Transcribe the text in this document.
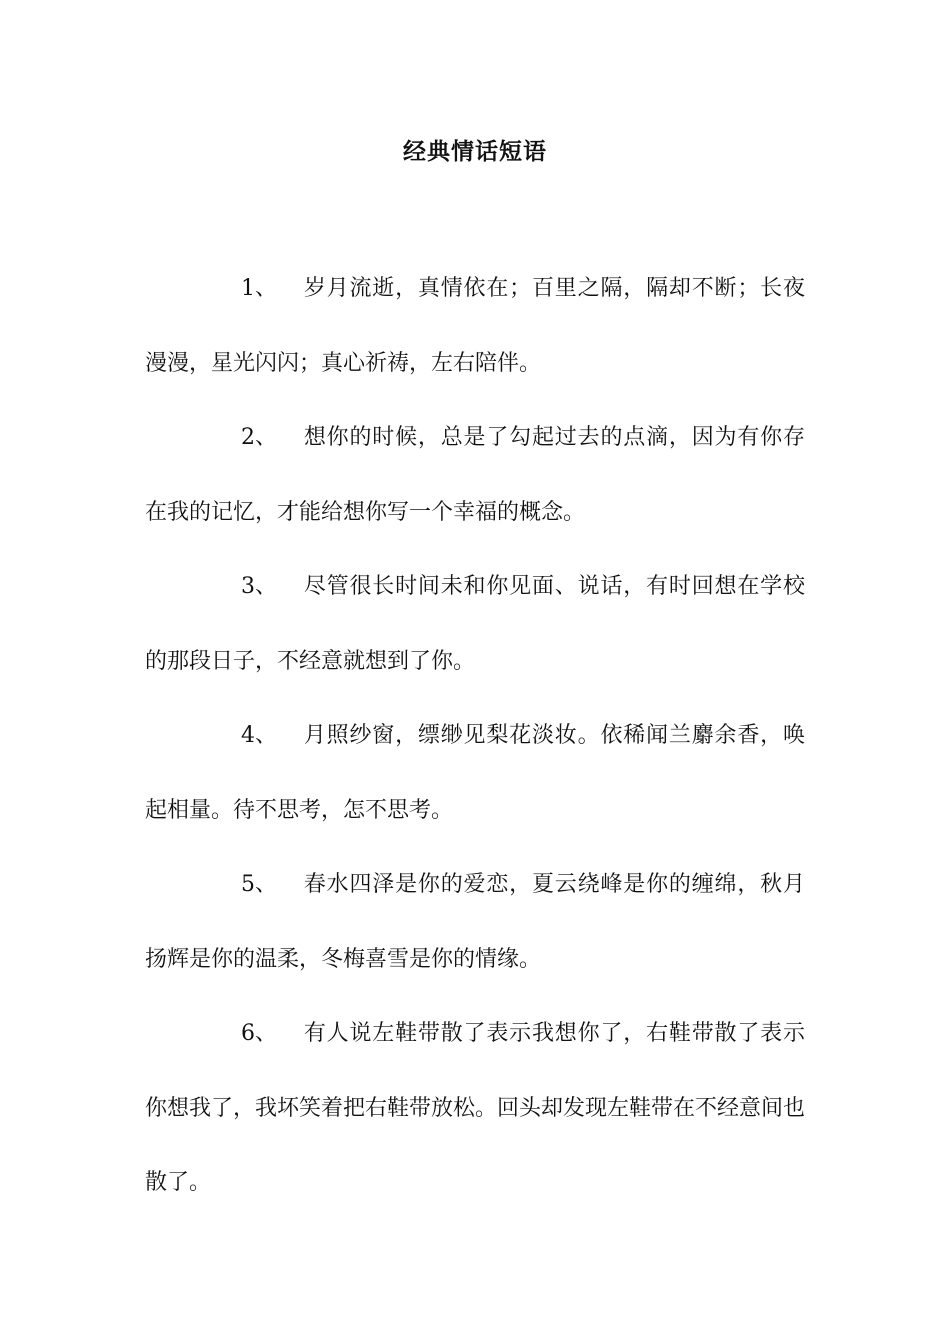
经典情话短语

1、 岁月流逝，真情依在；百里之隔，隔却不断；长夜漫漫，星光闪闪；真心祈祷，左右陪伴。

2、 想你的时候，总是了勾起过去的点滴，因为有你存在我的记忆，才能给想你写一个幸福的概念。

3、 尽管很长时间未和你见面、说话，有时回想在学校的那段日子，不经意就想到了你。

4、 月照纱窗，缥缈见梨花淡妆。依稀闻兰麝余香，唤起相量。待不思考，怎不思考。

5、 春水四泽是你的爱恋，夏云绕峰是你的缠绵，秋月扬辉是你的温柔，冬梅喜雪是你的情缘。

6、 有人说左鞋带散了表示我想你了，右鞋带散了表示你想我了，我坏笑着把右鞋带放松。回头却发现左鞋带在不经意间也散了。
